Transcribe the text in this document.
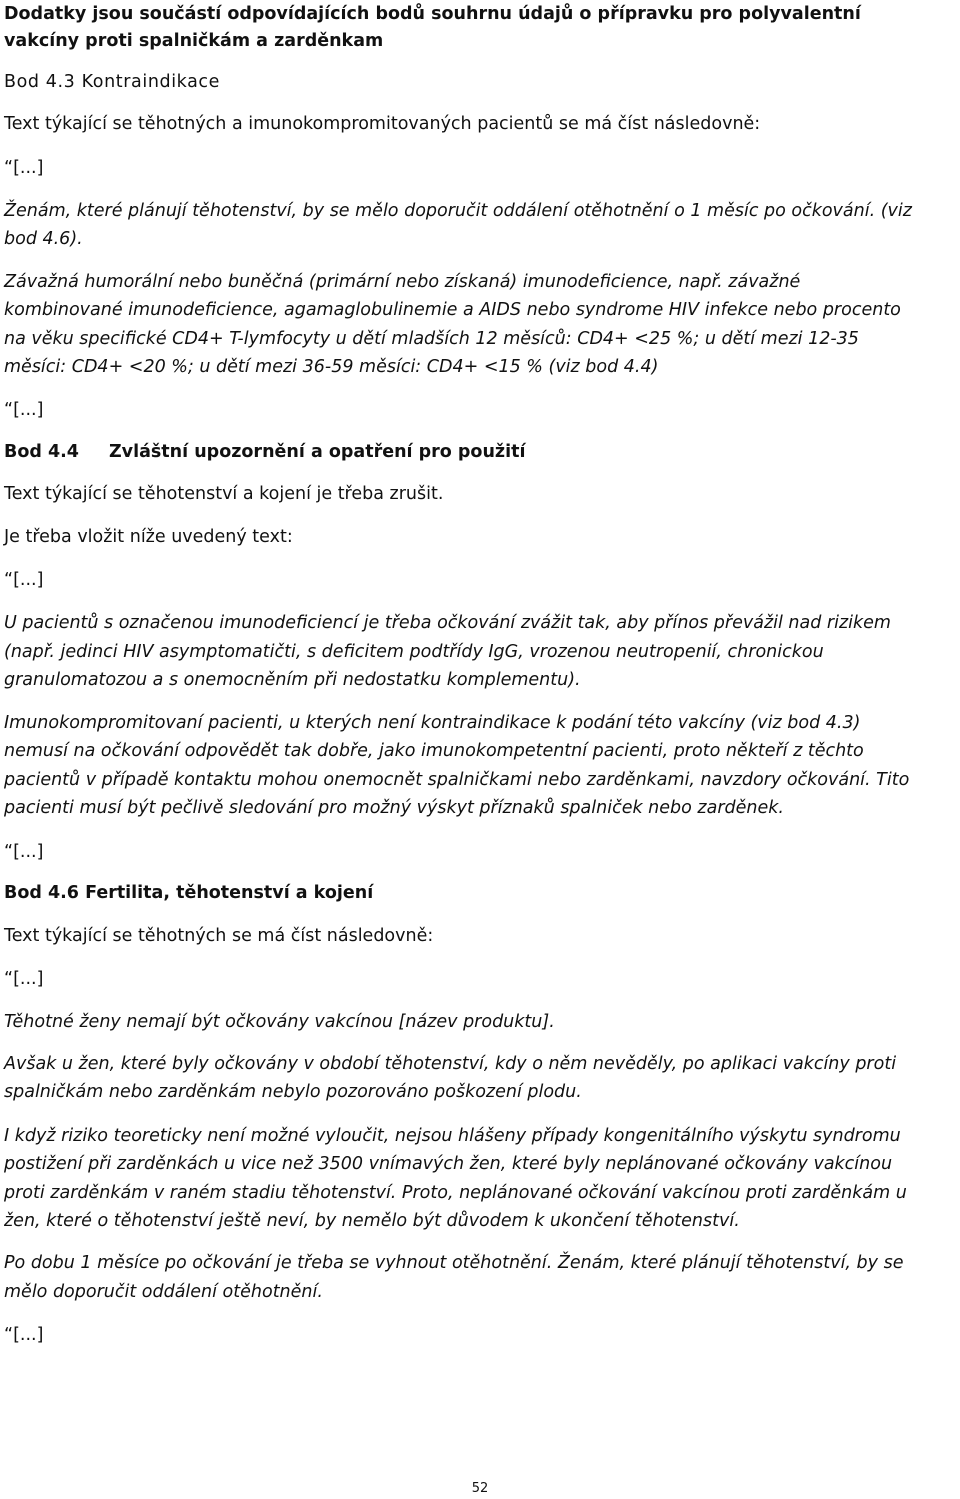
Dodatky jsou součástí odpovídajících bodů souhrnu údajů o přípravku pro polyvalentní
vakcíny proti spalničkám a zarděnkam
Bod 4.3 Kontraindikace
Text týkající se těhotných a imunokompromitovaných pacientů se má číst následovně:
“[...]
Ženám, které plánují těhotenství, by se mělo doporučit oddálení otěhotnění o 1 měsíc po očkování. (viz
bod 4.6).
Závažná humorální nebo buněčná (primární nebo získaná) imunodeficience, např. závažné
kombinované imunodeficience, agamaglobulinemie a AIDS nebo syndrome HIV infekce nebo procento
na věku specifické CD4+ T-lymfocyty u dětí mladších 12 měsíců: CD4+ <25 %; u dětí mezi 12-35
měsíci: CD4+ <20 %; u dětí mezi 36-59 měsíci: CD4+ <15 % (viz bod 4.4)
“[...]
Bod 4.4 Zvláštní upozornění a opatření pro použití
Text týkající se těhotenství a kojení je třeba zrušit.
Je třeba vložit níže uvedený text:
“[...]
U pacientů s označenou imunodeficiencí je třeba očkování zvážit tak, aby přínos převážil nad rizikem
(např. jedinci HIV asymptomatičti, s deficitem podtřídy IgG, vrozenou neutropenií, chronickou
granulomatozou a s onemocněním při nedostatku komplementu).
Imunokompromitovaní pacienti, u kterých není kontraindikace k podání této vakcíny (viz bod 4.3)
nemusí na očkování odpovědět tak dobře, jako imunokompetentní pacienti, proto někteří z těchto
pacientů v případě kontaktu mohou onemocnět spalničkami nebo zarděnkami, navzdory očkování. Tito
pacienti musí být pečlivě sledování pro možný výskyt příznaků spalniček nebo zarděnek.
“[...]
Bod 4.6 Fertilita, těhotenství a kojení
Text týkající se těhotných se má číst následovně:
“[...]
Těhotné ženy nemají být očkovány vakcínou [název produktu].
Avšak u žen, které byly očkovány v období těhotenství, kdy o něm nevěděly, po aplikaci vakcíny proti
spalničkám nebo zarděnkám nebylo pozorováno poškození plodu.
I když riziko teoreticky není možné vyloučit, nejsou hlášeny případy kongenitálního výskytu syndromu
postižení při zarděnkách u vice než 3500 vnímavých žen, které byly neplánované očkovány vakcínou
proti zarděnkám v raném stadiu těhotenství. Proto, neplánované očkování vakcínou proti zarděnkám u
žen, které o těhotenství ještě neví, by nemělo být důvodem k ukončení těhotenství.
Po dobu 1 měsíce po očkování je třeba se vyhnout otěhotnění. Ženám, které plánují těhotenství, by se
mělo doporučit oddálení otěhotnění.
“[...]
52
